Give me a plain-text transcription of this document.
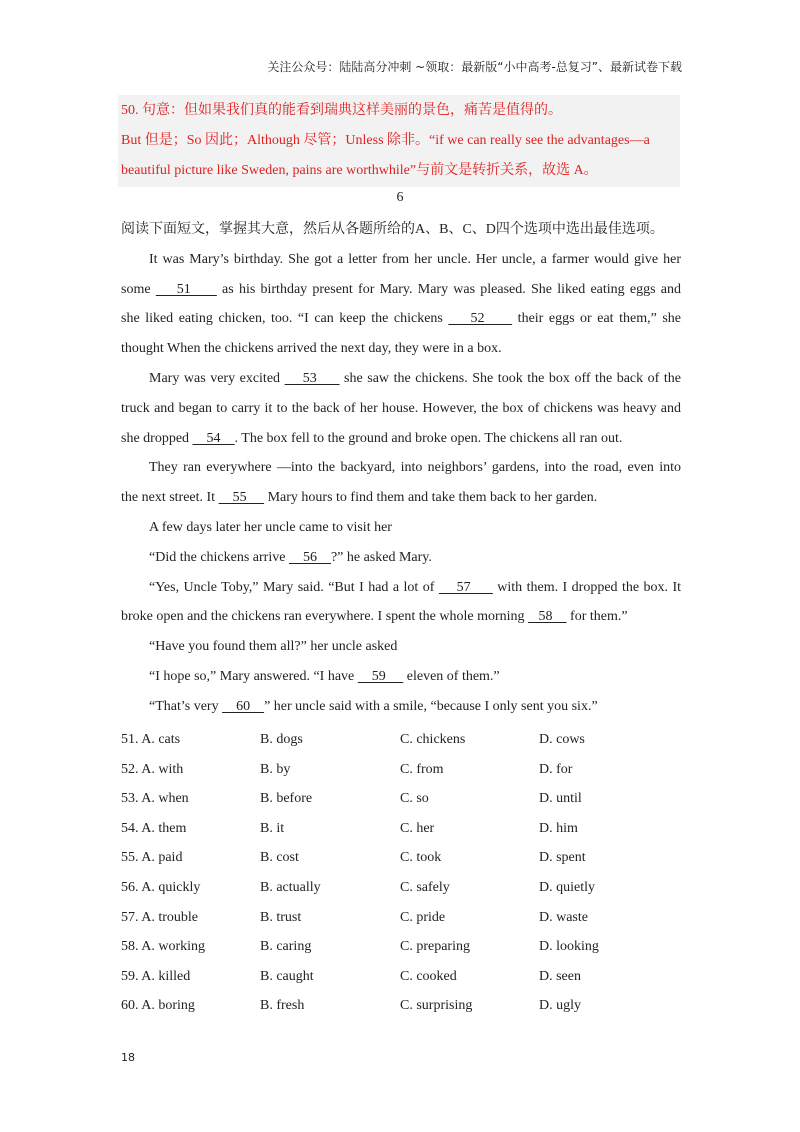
关注公众号：陆陆高分冲刺 ~领取：最新版“小中高考-总复习”、最新试卷下载

50. 句意：但如果我们真的能看到瑞典这样美丽的景色，痛苦是值得的。

But 但是；So 因此；Although 尽管；Unless 除非。“if we can really see the advantages—a

beautiful picture like Sweden, pains are worthwhile”与前文是转折关系，故选 A。

6
阅读下面短文，掌握其大意，然后从各题所给的A、B、C、D四个选项中选出最佳选项。
It was Mary’s birthday. She got a letter from her uncle. Her uncle, a farmer would give her
some     51      as his birthday present for Mary. Mary was pleased. She liked eating eggs and
she liked eating chicken, too. “I can keep the chickens     52      their eggs or eat them,” she
thought When the chickens arrived the next day, they were in a box.
Mary was very excited     53      she saw the chickens. She took the box off the back of the
truck and began to carry it to the back of her house. However, the box of chickens was heavy and
she dropped     54    . The box fell to the ground and broke open. The chickens all ran out.
They ran everywhere —into the backyard, into neighbors’ gardens, into the road, even into
the next street. It     55      Mary hours to find them and take them back to her garden.
A few days later her uncle came to visit her
“Did the chickens arrive     56    ?” he asked Mary.
“Yes, Uncle Toby,” Mary said. “But I had a lot of     57      with them. I dropped the box. It
broke open and the chickens ran everywhere. I spent the whole morning    58     for them.”
“Have you found them all?” her uncle asked
“I hope so,” Mary answered. “I have     59      eleven of them.”
“That’s very     60    ” her uncle said with a smile, “because I only sent you six.”
51. A. cats	B. dogs	C. chickens	D. cows
52. A. with	B. by	C. from	D. for
53. A. when	B. before	C. so	D. until
54. A. them	B. it	C. her	D. him
55. A. paid	B. cost	C. took	D. spent
56. A. quickly	B. actually	C. safely	D. quietly
57. A. trouble	B. trust	C. pride	D. waste
58. A. working	B. caring	C. preparing	D. looking
59. A. killed	B. caught	C. cooked	D. seen
60. A. boring	B. fresh	C. surprising	D. ugly
18
